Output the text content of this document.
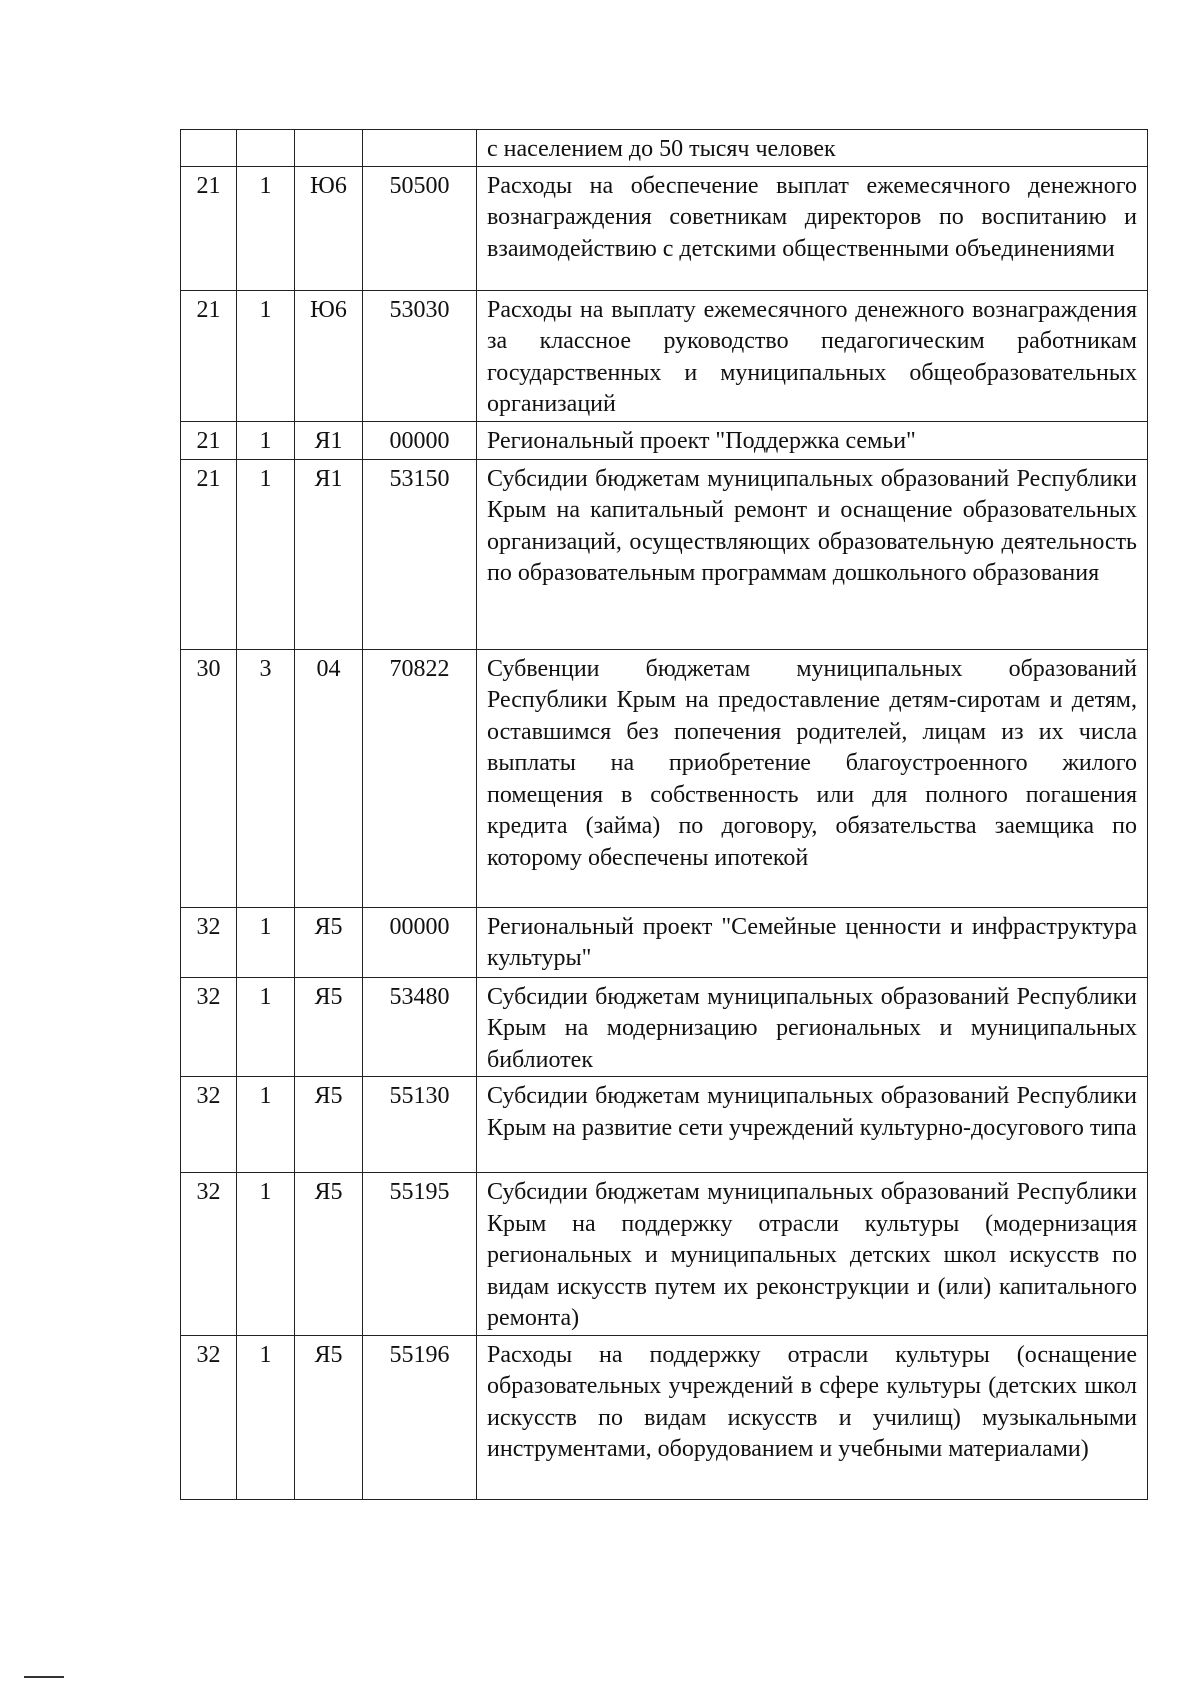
				с населением до 50 тысяч человек
21	1	Ю6	50500	Расходы на обеспечение выплат ежемесячного денежного вознаграждения советникам директоров по воспитанию и взаимодействию с детскими общественными объединениями
21	1	Ю6	53030	Расходы на выплату ежемесячного денежного вознаграждения за классное руководство педагогическим работникам государственных и муниципальных общеобразовательных организаций
21	1	Я1	00000	Региональный проект "Поддержка семьи"
21	1	Я1	53150	Субсидии бюджетам муниципальных образований Республики Крым на капитальный ремонт и оснащение образовательных организаций, осуществляющих образовательную деятельность по образовательным программам дошкольного образования
30	3	04	70822	Субвенции бюджетам муниципальных образований Республики Крым на предоставление детям-сиротам и детям, оставшимся без попечения родителей, лицам из их числа выплаты на приобретение благоустроенного жилого помещения в собственность или для полного погашения кредита (займа) по договору, обязательства заемщика по которому обеспечены ипотекой
32	1	Я5	00000	Региональный проект "Семейные ценности и инфраструктура культуры"
32	1	Я5	53480	Субсидии бюджетам муниципальных образований Республики Крым на модернизацию региональных и муниципальных библиотек
32	1	Я5	55130	Субсидии бюджетам муниципальных образований Республики Крым на развитие сети учреждений культурно-досугового типа
32	1	Я5	55195	Субсидии бюджетам муниципальных образований Республики Крым на поддержку отрасли культуры (модернизация региональных и муниципальных детских школ искусств по видам искусств путем их реконструкции и (или) капитального ремонта)
32	1	Я5	55196	Расходы на поддержку отрасли культуры (оснащение образовательных учреждений в сфере культуры (детских школ искусств по видам искусств и училищ) музыкальными инструментами, оборудованием и учебными материалами)
